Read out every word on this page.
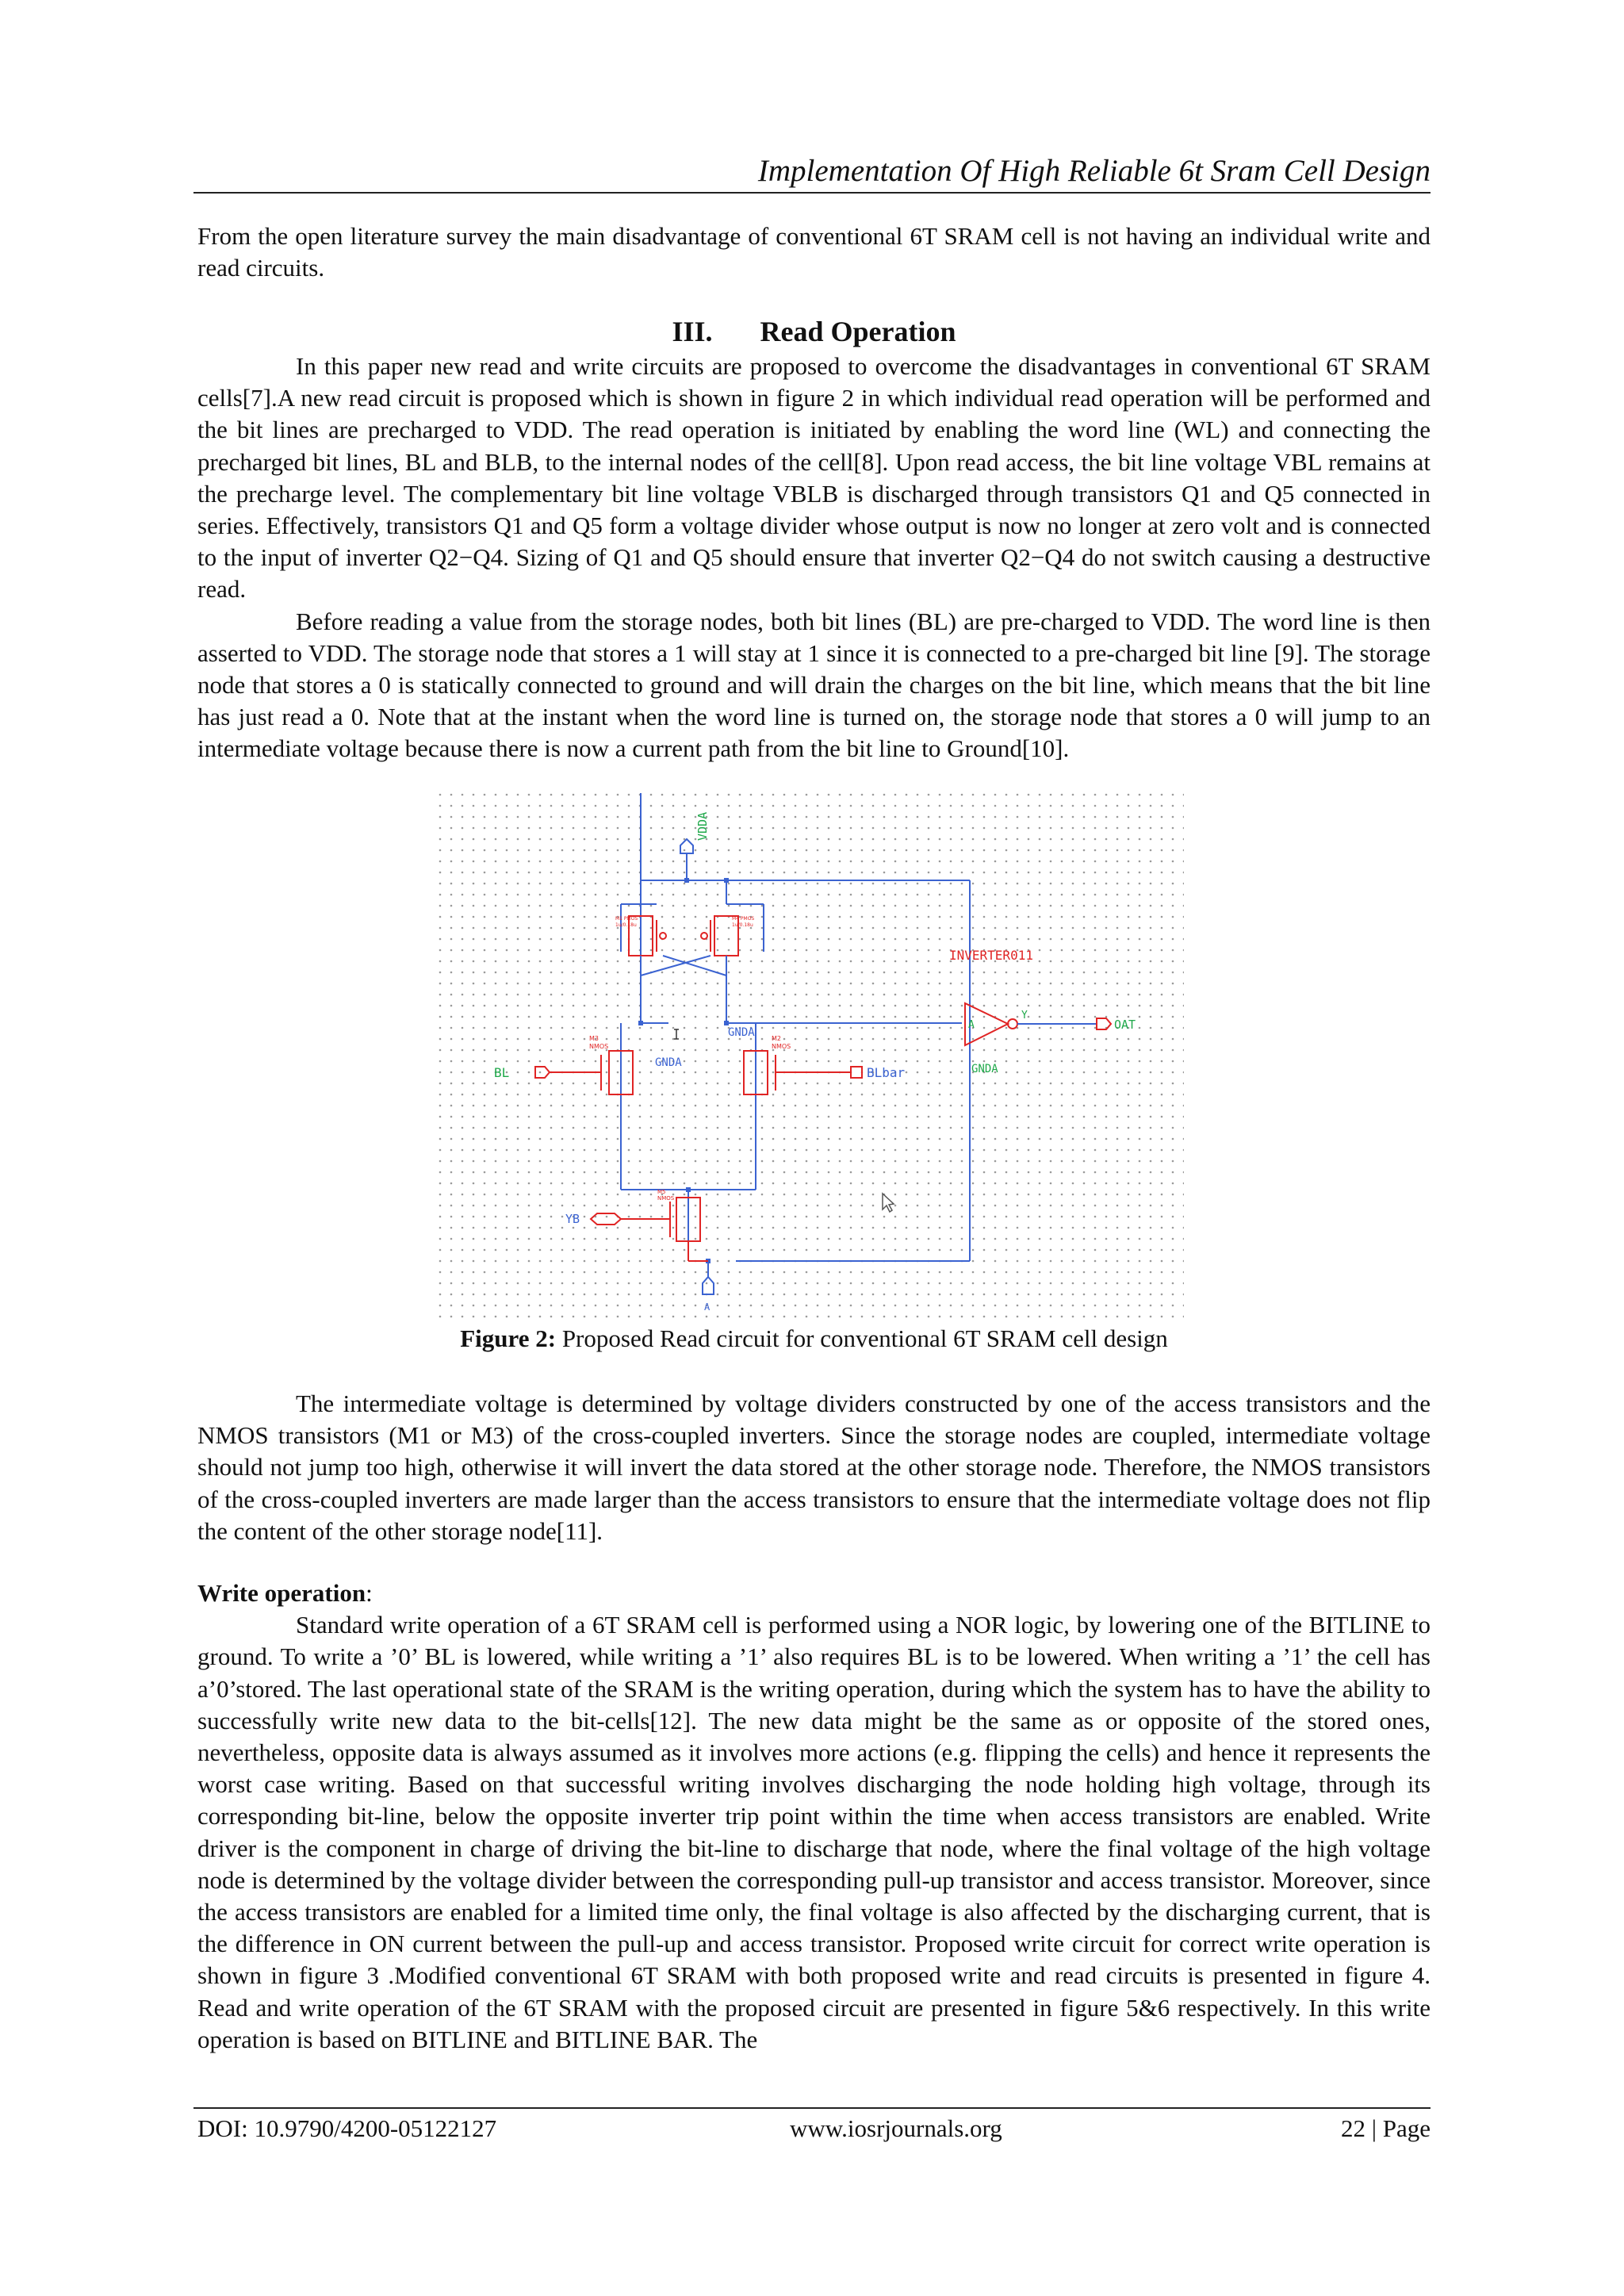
Implementation Of High Reliable 6t Sram Cell Design

From the open literature survey the main disadvantage of conventional 6T SRAM cell is not having an individual write and read circuits.

III. Read Operation

In this paper new read and write circuits are proposed to overcome the disadvantages in conventional 6T SRAM cells[7].A new read circuit is proposed which is shown in figure 2 in which individual read operation will be performed and the bit lines are precharged to VDD. The read operation is initiated by enabling the word line (WL) and connecting the precharged bit lines, BL and BLB, to the internal nodes of the cell[8]. Upon read access, the bit line voltage VBL remains at the precharge level. The complementary bit line voltage VBLB is discharged through transistors Q1 and Q5 connected in series. Effectively, transistors Q1 and Q5 form a voltage divider whose output is now no longer at zero volt and is connected to the input of inverter Q2−Q4. Sizing of Q1 and Q5 should ensure that inverter Q2−Q4 do not switch causing a destructive read.

Before reading a value from the storage nodes, both bit lines (BL) are pre-charged to VDD. The word line is then asserted to VDD. The storage node that stores a 1 will stay at 1 since it is connected to a pre-charged bit line [9]. The storage node that stores a 0 is statically connected to ground and will drain the charges on the bit line, which means that the bit line has just read a 0. Note that at the instant when the word line is turned on, the storage node that stores a 0 will jump to an intermediate voltage because there is now a current path from the bit line to Ground[10].

VDDA
M1 PMOS
1u/0.18u
M4 PMOS
1u/0.18u
M3
NMOS
M2
NMOS
BL	BLbar
GNDA
GNDA
GNDA
INVERTER011
A
Y
OAT
M5
NMOS
YB
A
Figure 2: Proposed Read circuit for conventional 6T SRAM cell design

The intermediate voltage is determined by voltage dividers constructed by one of the access transistors and the NMOS transistors (M1 or M3) of the cross-coupled inverters. Since the storage nodes are coupled, intermediate voltage should not jump too high, otherwise it will invert the data stored at the other storage node. Therefore, the NMOS transistors of the cross-coupled inverters are made larger than the access transistors to ensure that the intermediate voltage does not flip the content of the other storage node[11].

Write operation:

Standard write operation of a 6T SRAM cell is performed using a NOR logic, by lowering one of the BITLINE to ground. To write a ’0’ BL is lowered, while writing a ’1’ also requires BL is to be lowered. When writing a ’1’ the cell has a’0’stored. The last operational state of the SRAM is the writing operation, during which the system has to have the ability to successfully write new data to the bit-cells[12]. The new data might be the same as or opposite of the stored ones, nevertheless, opposite data is always assumed as it involves more actions (e.g. flipping the cells) and hence it represents the worst case writing. Based on that successful writing involves discharging the node holding high voltage, through its corresponding bit-line, below the opposite inverter trip point within the time when access transistors are enabled. Write driver is the component in charge of driving the bit-line to discharge that node, where the final voltage of the high voltage node is determined by the voltage divider between the corresponding pull-up transistor and access transistor. Moreover, since the access transistors are enabled for a limited time only, the final voltage is also affected by the discharging current, that is the difference in ON current between the pull-up and access transistor. Proposed write circuit for correct write operation is shown in figure 3 .Modified conventional 6T SRAM with both proposed write and read circuits is presented in figure 4. Read and write operation of the 6T SRAM with the proposed circuit are presented in figure 5&6 respectively. In this write operation is based on BITLINE and BITLINE BAR. The

DOI: 10.9790/4200-05122127	www.iosrjournals.org	22 | Page
